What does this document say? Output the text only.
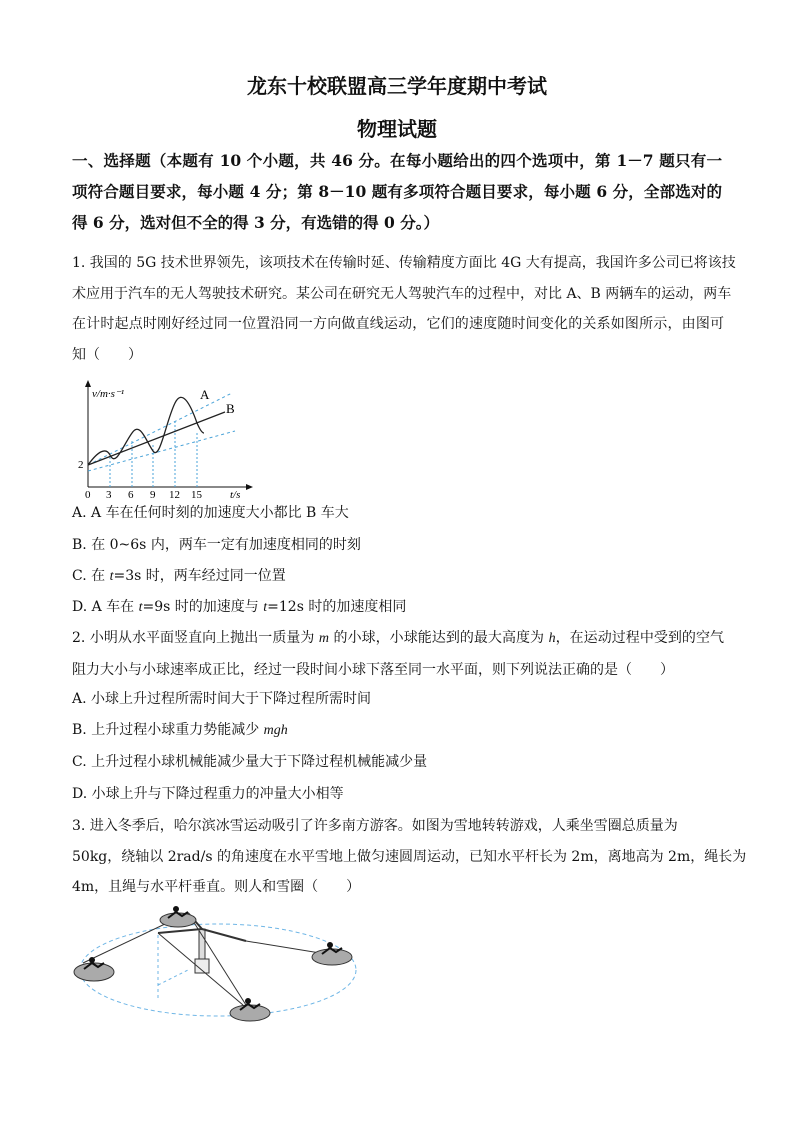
龙东十校联盟高三学年度期中考试
物理试题
一、选择题（本题有 10 个小题，共 46 分。在每小题给出的四个选项中，第 1－7 题只有一
项符合题目要求，每小题 4 分；第 8－10 题有多项符合题目要求，每小题 6 分，全部选对的
得 6 分，选对但不全的得 3 分，有选错的得 0 分。）
1. 我国的 5G 技术世界领先，该项技术在传输时延、传输精度方面比 4G 大有提高，我国许多公司已将该技
术应用于汽车的无人驾驶技术研究。某公司在研究无人驾驶汽车的过程中，对比 A、B 两辆车的运动，两车
在计时起点时刚好经过同一位置沿同一方向做直线运动，它们的速度随时间变化的关系如图所示，由图可
知（　　）
v/m·s⁻¹
t/s
2
0 3 6 9 12 15
A
B
A. A 车在任何时刻的加速度大小都比 B 车大
B. 在 0~6s 内，两车一定有加速度相同的时刻
C. 在 t=3s 时，两车经过同一位置
D. A 车在 t=9s 时的加速度与 t=12s 时的加速度相同
2. 小明从水平面竖直向上抛出一质量为 m 的小球，小球能达到的最大高度为 h，在运动过程中受到的空气
阻力大小与小球速率成正比，经过一段时间小球下落至同一水平面，则下列说法正确的是（　　）
A. 小球上升过程所需时间大于下降过程所需时间
B. 上升过程小球重力势能减少 mgh
C. 上升过程小球机械能减少量大于下降过程机械能减少量
D. 小球上升与下降过程重力的冲量大小相等
3. 进入冬季后，哈尔滨冰雪运动吸引了许多南方游客。如图为雪地转转游戏，人乘坐雪圈总质量为
50kg，绕轴以 2rad/s 的角速度在水平雪地上做匀速圆周运动，已知水平杆长为 2m，离地高为 2m，绳长为
4m，且绳与水平杆垂直。则人和雪圈（　　）
